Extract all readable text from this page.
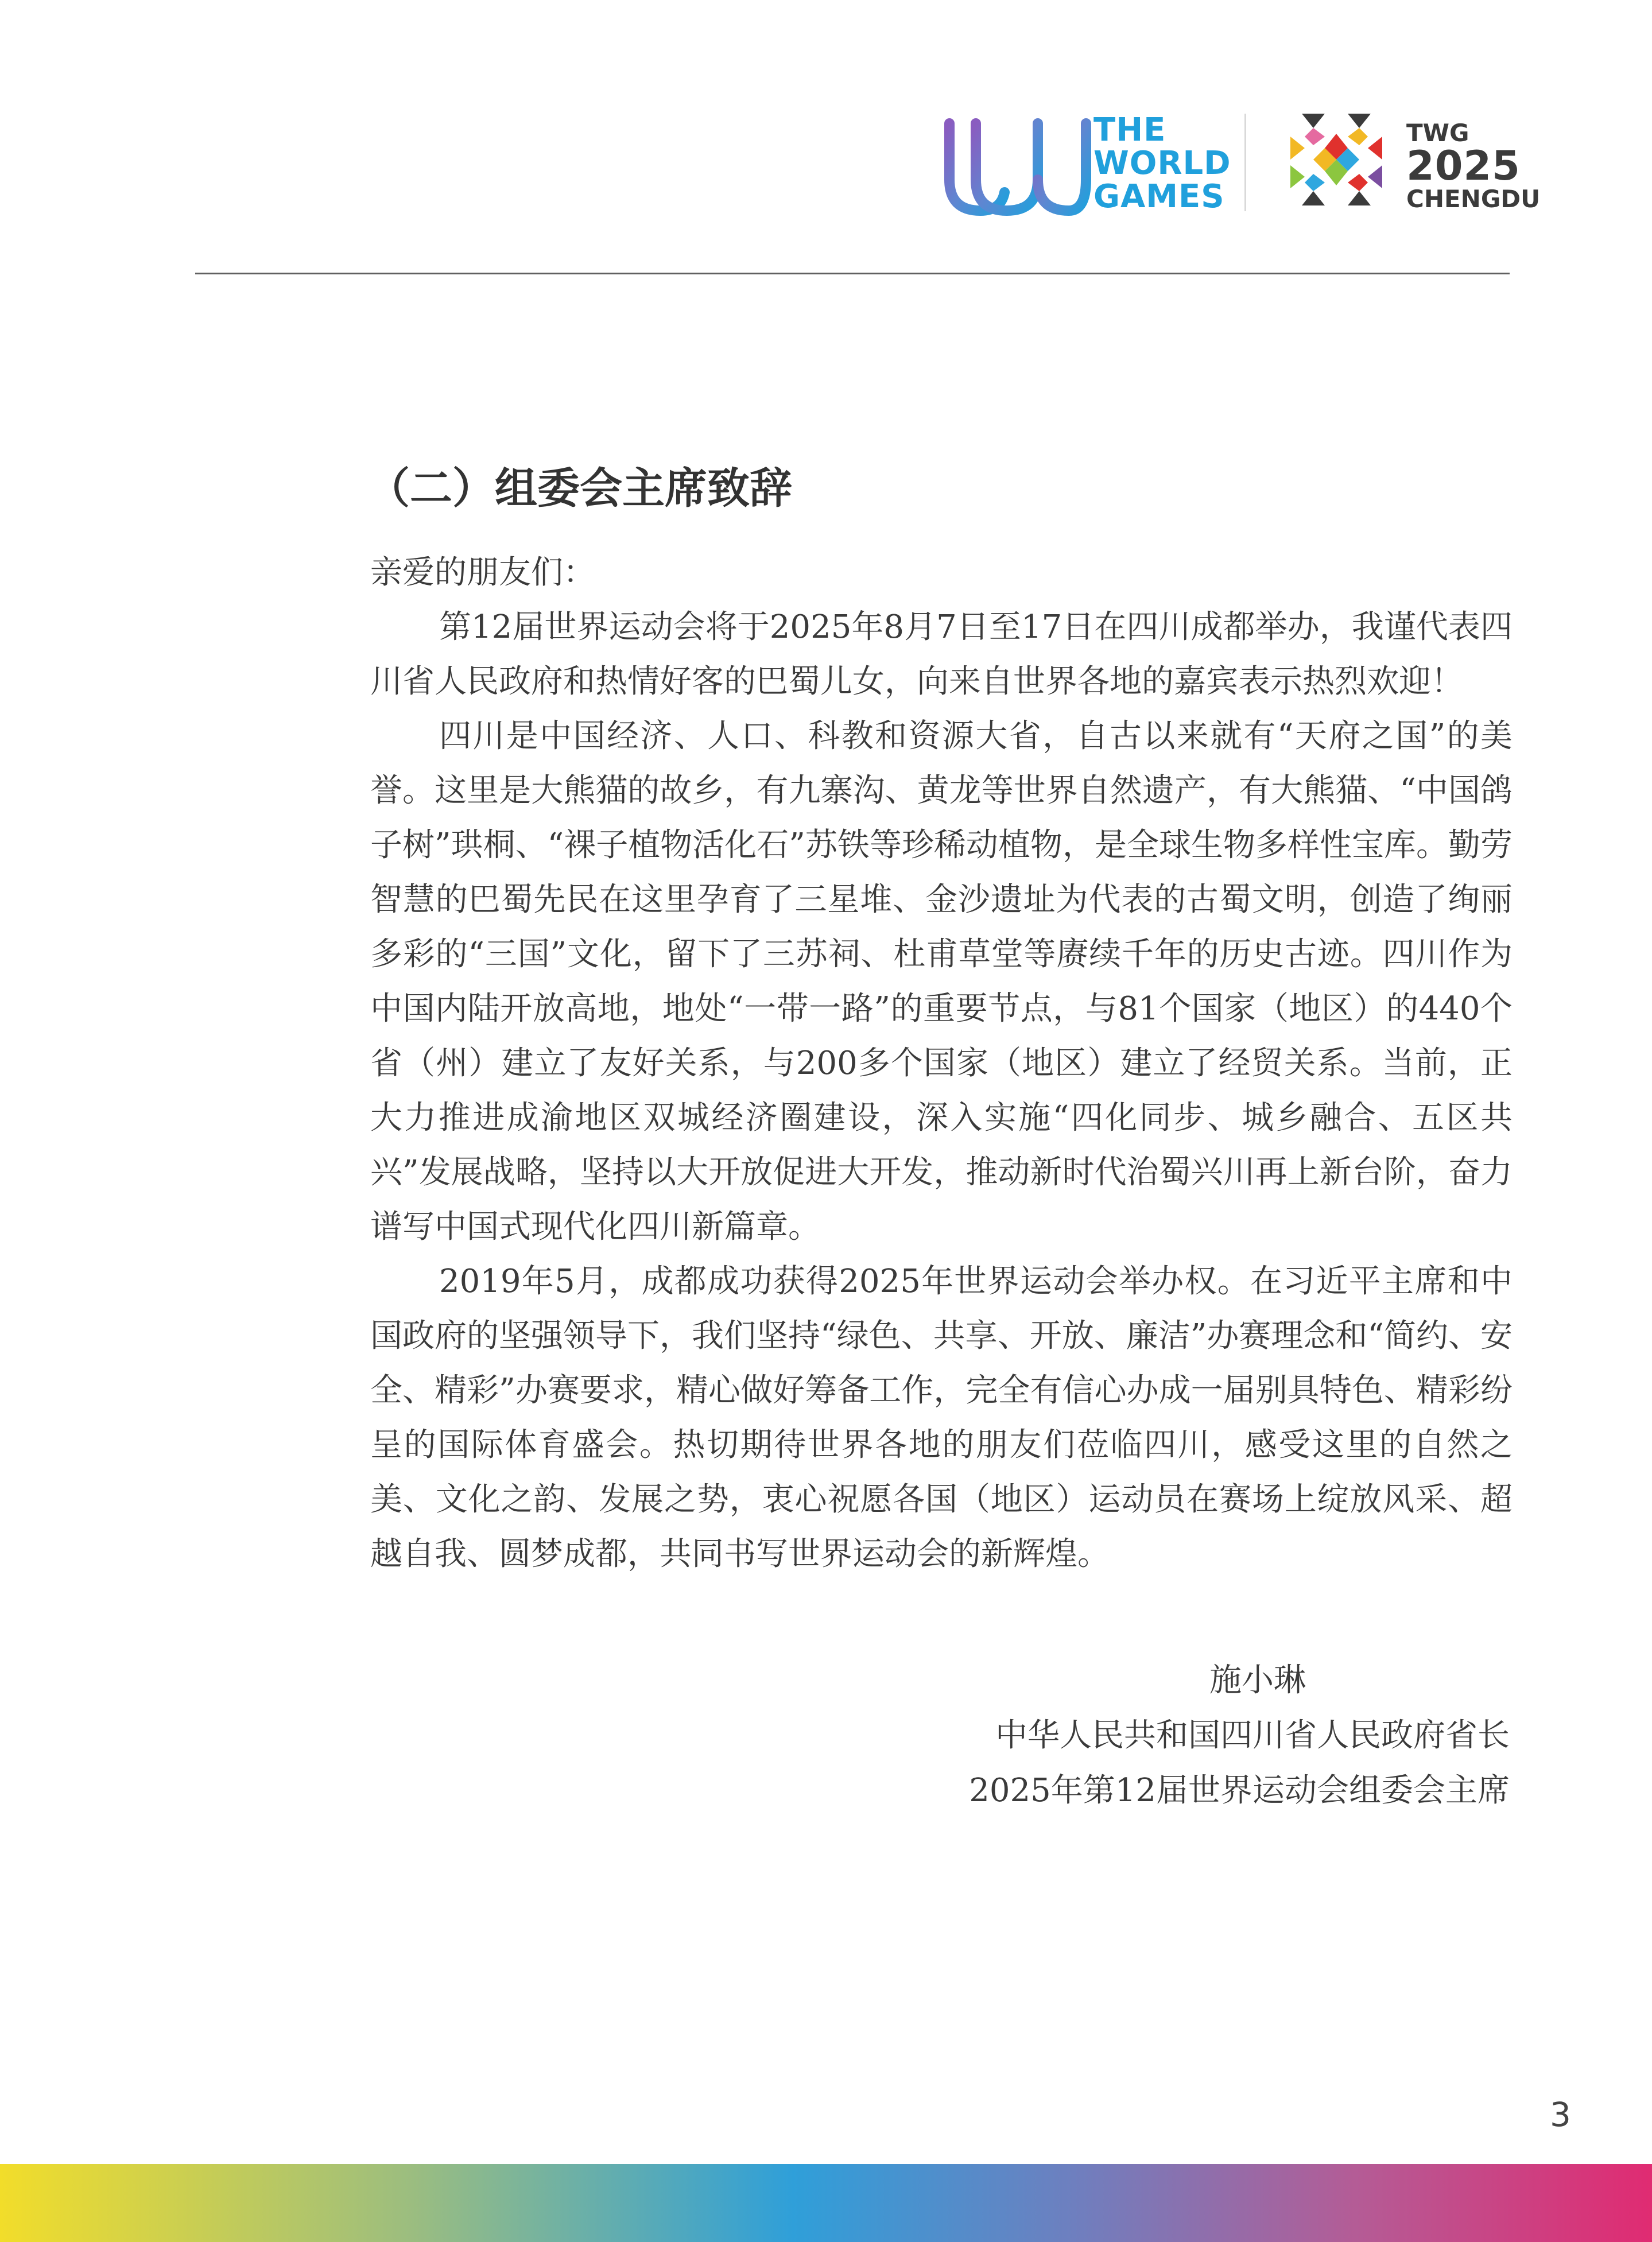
THE
WORLD
GAMES
TWG
2025
CHENGDU
（二）组委会主席致辞

亲爱的朋友们：

第12届世界运动会将于2025年8月7日至17日在四川成都举办，我谨代表四川省人民政府和热情好客的巴蜀儿女，向来自世界各地的嘉宾表示热烈欢迎！

四川是中国经济、人口、科教和资源大省，自古以来就有“天府之国”的美誉。这里是大熊猫的故乡，有九寨沟、黄龙等世界自然遗产，有大熊猫、“中国鸽子树”珙桐、“裸子植物活化石”苏铁等珍稀动植物，是全球生物多样性宝库。勤劳智慧的巴蜀先民在这里孕育了三星堆、金沙遗址为代表的古蜀文明，创造了绚丽多彩的“三国”文化，留下了三苏祠、杜甫草堂等赓续千年的历史古迹。四川作为中国内陆开放高地，地处“一带一路”的重要节点，与81个国家（地区）的440个省（州）建立了友好关系，与200多个国家（地区）建立了经贸关系。当前，正大力推进成渝地区双城经济圈建设，深入实施“四化同步、城乡融合、五区共兴”发展战略，坚持以大开放促进大开发，推动新时代治蜀兴川再上新台阶，奋力谱写中国式现代化四川新篇章。

2019年5月，成都成功获得2025年世界运动会举办权。在习近平主席和中国政府的坚强领导下，我们坚持“绿色、共享、开放、廉洁”办赛理念和“简约、安全、精彩”办赛要求，精心做好筹备工作，完全有信心办成一届别具特色、精彩纷呈的国际体育盛会。热切期待世界各地的朋友们莅临四川，感受这里的自然之美、文化之韵、发展之势，衷心祝愿各国（地区）运动员在赛场上绽放风采、超越自我、圆梦成都，共同书写世界运动会的新辉煌。

施小琳
中华人民共和国四川省人民政府省长
2025年第12届世界运动会组委会主席
3
